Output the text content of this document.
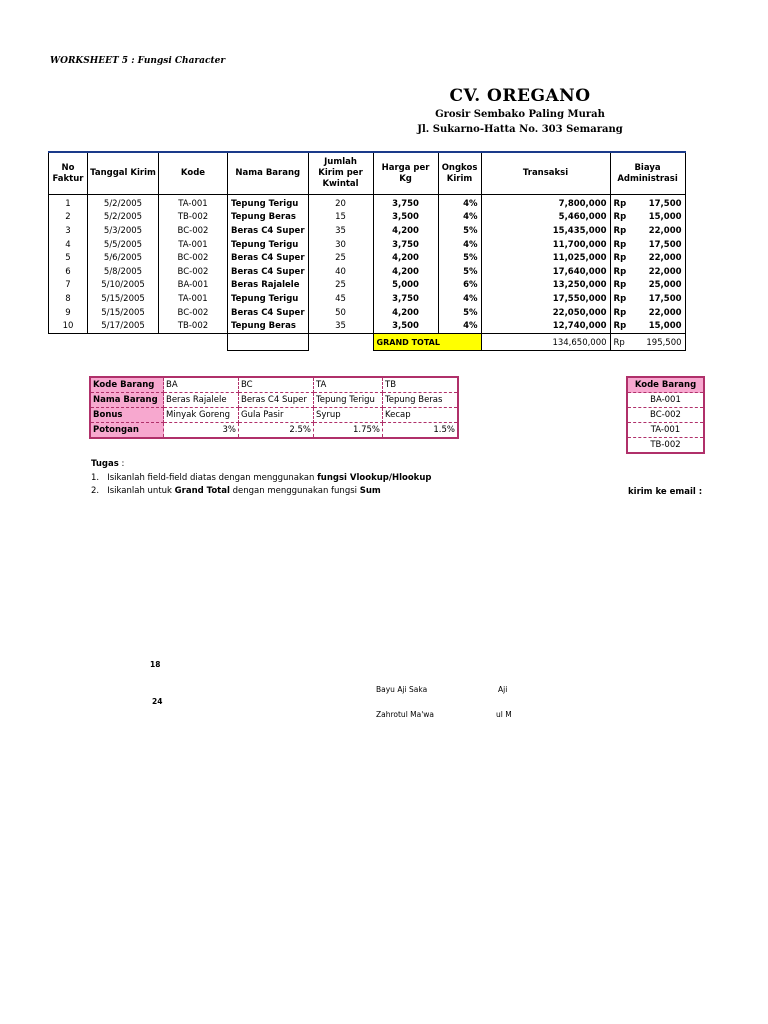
WORKSHEET 5 : Fungsi Character
CV. OREGANO
Grosir Sembako Paling Murah
Jl. Sukarno-Hatta No. 303 Semarang
No Faktur	Tanggal Kirim	Kode	Nama Barang	Jumlah Kirim per Kwintal	Harga per Kg	Ongkos Kirim	Transaksi	Biaya Administrasi	
1	5/2/2005	TA-001	Tepung Terigu	20	3,750	4%	7,800,000	Rp	17,500
2	5/2/2005	TB-002	Tepung Beras	15	3,500	4%	5,460,000	Rp	15,000
3	5/3/2005	BC-002	Beras C4 Super	35	4,200	5%	15,435,000	Rp	22,000
4	5/5/2005	TA-001	Tepung Terigu	30	3,750	4%	11,700,000	Rp	17,500
5	5/6/2005	BC-002	Beras C4 Super	25	4,200	5%	11,025,000	Rp	22,000
6	5/8/2005	BC-002	Beras C4 Super	40	4,200	5%	17,640,000	Rp	22,000
7	5/10/2005	BA-001	Beras Rajalele	25	5,000	6%	13,250,000	Rp	25,000
8	5/15/2005	TA-001	Tepung Terigu	45	3,750	4%	17,550,000	Rp	17,500
9	5/15/2005	BC-002	Beras C4 Super	50	4,200	5%	22,050,000	Rp	22,000
10	5/17/2005	TB-002	Tepung Beras	35	3,500	4%	12,740,000	Rp	15,000
					GRAND TOTAL		134,650,000	Rp	195,500
Kode Barang	BA	BC	TA	TB
Nama Barang	Beras Rajalele	Beras C4 Super	Tepung Terigu	Tepung Beras
Bonus	Minyak Goreng	Gula Pasir	Syrup	Kecap
Potongan	3%	2.5%	1.75%	1.5%
Kode Barang
BA-001
BC-002
TA-001
TB-002
Tugas :
1.   Isikanlah field-field diatas dengan menggunakan fungsi Vlookup/Hlookup
2.   Isikanlah untuk Grand Total dengan menggunakan fungsi Sum	kirim ke email :
18
24
Bayu Aji Saka	Aji
Zahrotul Ma'wa	ul M
